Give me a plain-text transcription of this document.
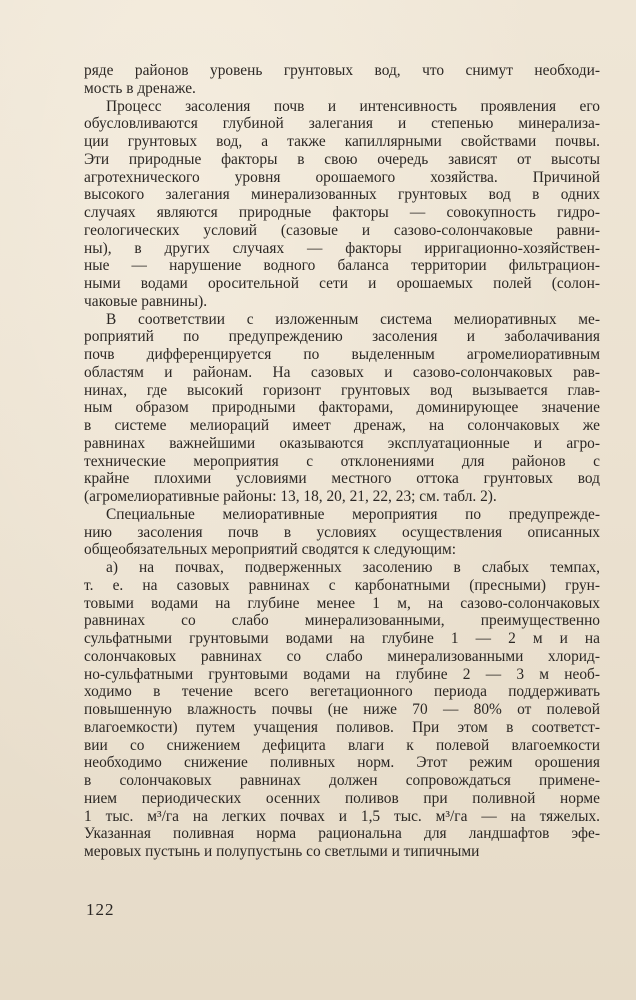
ряде районов уровень грунтовых вод, что снимут необходи-
мость в дренаже.
Процесс засоления почв и интенсивность проявления его
обусловливаются глубиной залегания и степенью минерализа-
ции грунтовых вод, а также капиллярными свойствами почвы.
Эти природные факторы в свою очередь зависят от высоты
агротехнического уровня орошаемого хозяйства. Причиной
высокого залегания минерализованных грунтовых вод в одних
случаях являются природные факторы — совокупность гидро-
геологических условий (сазовые и сазово-солончаковые равни-
ны), в других случаях — факторы ирригационно-хозяйствен-
ные — нарушение водного баланса территории фильтрацион-
ными водами оросительной сети и орошаемых полей (солон-
чаковые равнины).
В соответствии с изложенным система мелиоративных ме-
роприятий по предупреждению засоления и заболачивания
почв дифференцируется по выделенным агромелиоративным
областям и районам. На сазовых и сазово-солончаковых рав-
нинах, где высокий горизонт грунтовых вод вызывается глав-
ным образом природными факторами, доминирующее значение
в системе мелиораций имеет дренаж, на солончаковых же
равнинах важнейшими оказываются эксплуатационные и агро-
технические мероприятия с отклонениями для районов с
крайне плохими условиями местного оттока грунтовых вод
(агромелиоративные районы: 13, 18, 20, 21, 22, 23; см. табл. 2).
Специальные мелиоративные мероприятия по предупрежде-
нию засоления почв в условиях осуществления описанных
общеобязательных мероприятий сводятся к следующим:
а) на почвах, подверженных засолению в слабых темпах,
т. е. на сазовых равнинах с карбонатными (пресными) грун-
товыми водами на глубине менее 1 м, на сазово-солончаковых
равнинах со слабо минерализованными, преимущественно
сульфатными грунтовыми водами на глубине 1 — 2 м и на
солончаковых равнинах со слабо минерализованными хлорид-
но-сульфатными грунтовыми водами на глубине 2 — 3 м необ-
ходимо в течение всего вегетационного периода поддерживать
повышенную влажность почвы (не ниже 70 — 80% от полевой
влагоемкости) путем учащения поливов. При этом в соответст-
вии со снижением дефицита влаги к полевой влагоемкости
необходимо снижение поливных норм. Этот режим орошения
в солончаковых равнинах должен сопровождаться примене-
нием периодических осенних поливов при поливной норме
1 тыс. м³/га на легких почвах и 1,5 тыс. м³/га — на тяжелых.
Указанная поливная норма рациональна для ландшафтов эфе-
меровых пустынь и полупустынь со светлыми и типичными
122
